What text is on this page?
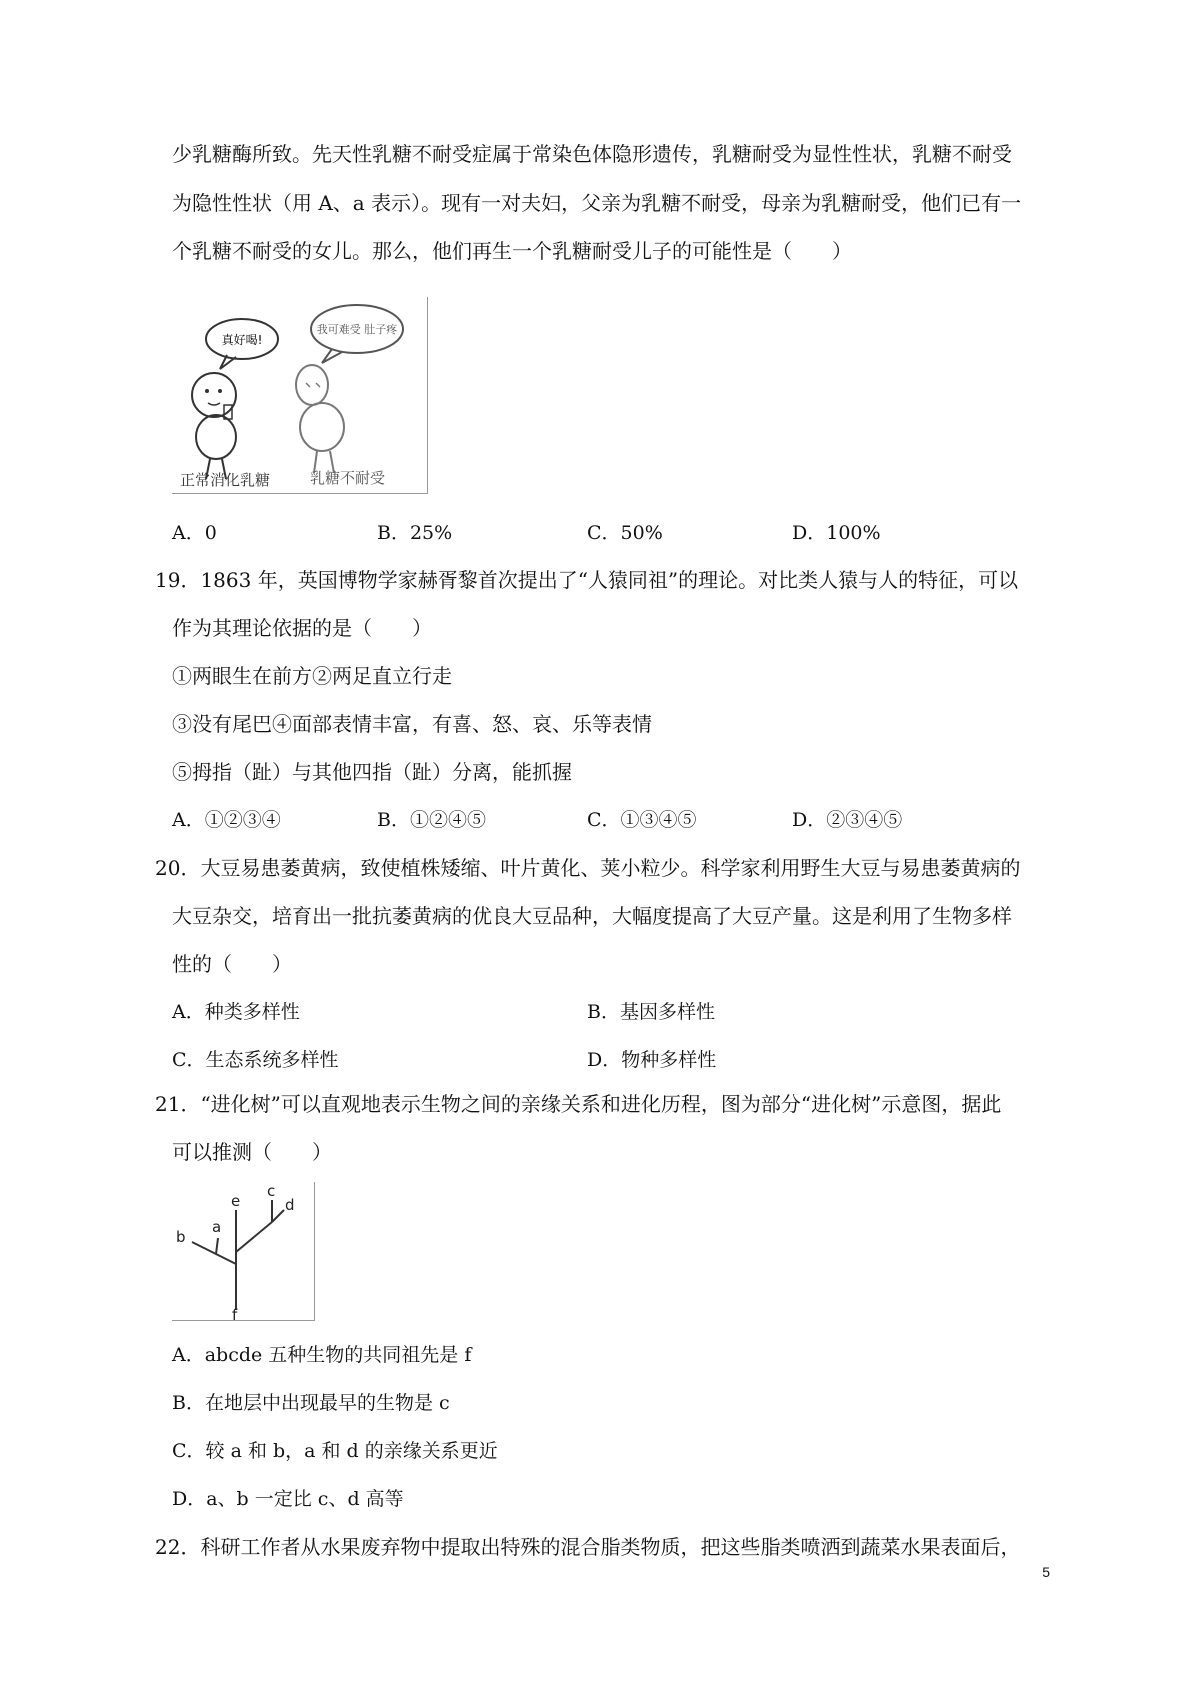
少乳糖酶所致。先天性乳糖不耐受症属于常染色体隐形遗传，乳糖耐受为显性性状，乳糖不耐受
为隐性性状（用 A、a 表示）。现有一对夫妇，父亲为乳糖不耐受，母亲为乳糖耐受，他们已有一
个乳糖不耐受的女儿。那么，他们再生一个乳糖耐受儿子的可能性是（　　）
真好喝!
我可难受 肚子疼
正常消化乳糖	乳糖不耐受
A．0	B．25%	C．50%	D．100%
19．1863 年，英国博物学家赫胥黎首次提出了“人猿同祖”的理论。对比类人猿与人的特征，可以
作为其理论依据的是（　　）
①两眼生在前方②两足直立行走
③没有尾巴④面部表情丰富，有喜、怒、哀、乐等表情
⑤拇指（趾）与其他四指（趾）分离，能抓握
A．①②③④	B．①②④⑤	C．①③④⑤	D．②③④⑤
20．大豆易患萎黄病，致使植株矮缩、叶片黄化、荚小粒少。科学家利用野生大豆与易患萎黄病的
大豆杂交，培育出一批抗萎黄病的优良大豆品种，大幅度提高了大豆产量。这是利用了生物多样
性的（　　）
A．种类多样性	B．基因多样性
C．生态系统多样性	D．物种多样性
21．“进化树”可以直观地表示生物之间的亲缘关系和进化历程，图为部分“进化树”示意图，据此
可以推测（　　）
b
a
e
c
d
f
A．abcde 五种生物的共同祖先是 f
B．在地层中出现最早的生物是 c
C．较 a 和 b，a 和 d 的亲缘关系更近
D．a、b 一定比 c、d 高等
22．科研工作者从水果废弃物中提取出特殊的混合脂类物质，把这些脂类喷洒到蔬菜水果表面后，
5
